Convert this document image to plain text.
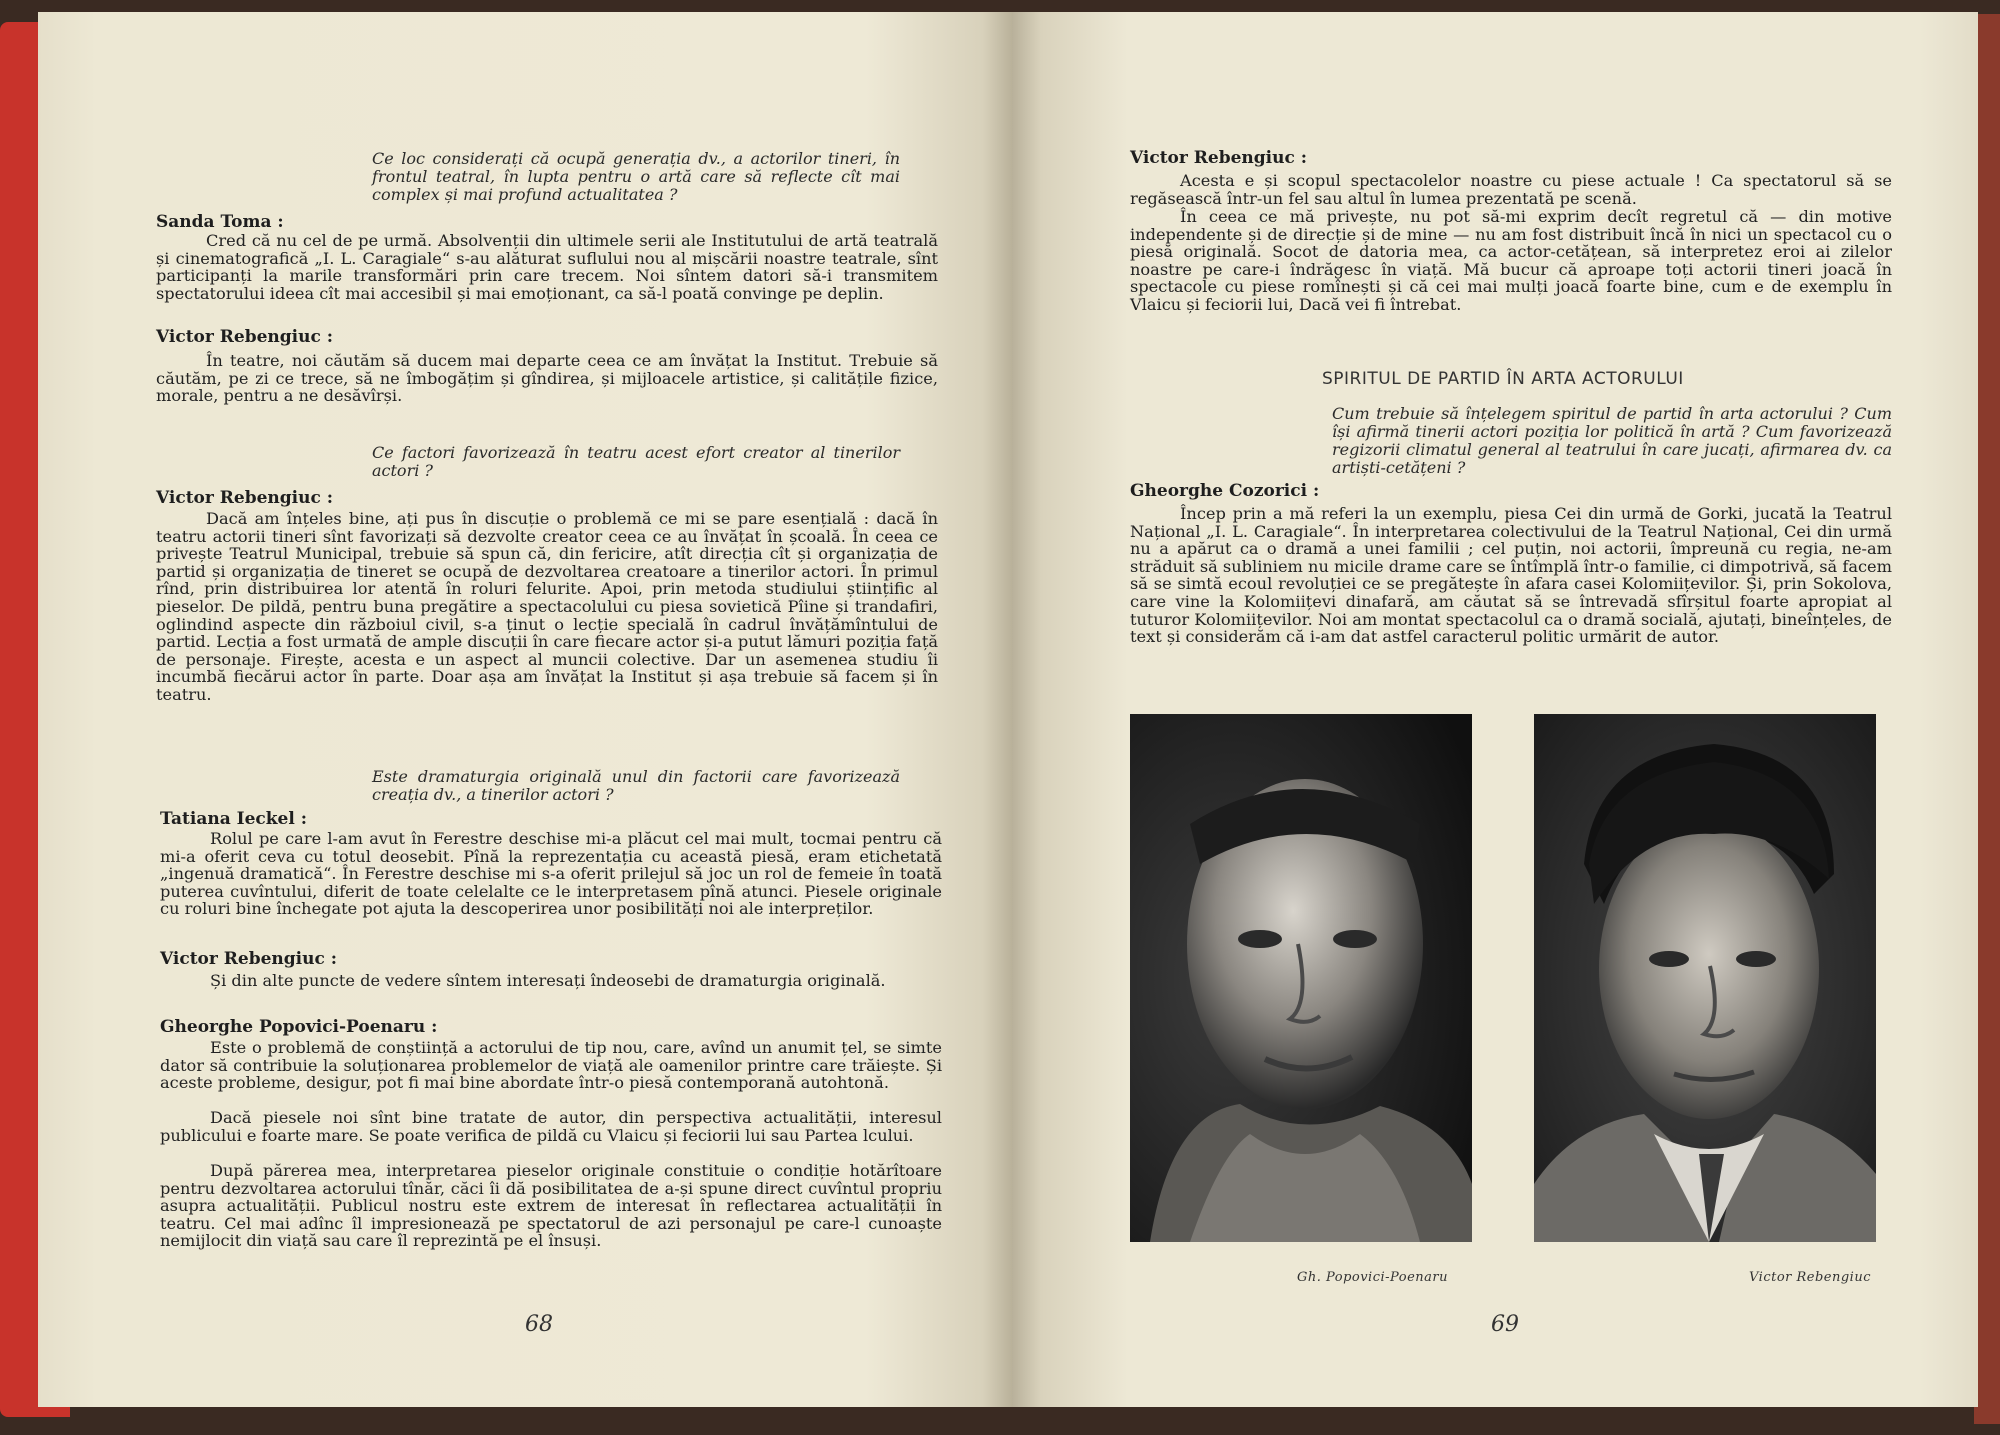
Ce loc considerați că ocupă generația dv., a actorilor tineri, în frontul teatral, în lupta pentru o artă care să reflecte cît mai complex și mai profund actualitatea ?
Sanda Toma :
Cred că nu cel de pe urmă. Absolvenții din ultimele serii ale Institutului de artă teatrală și cinematografică „I. L. Caragiale“ s-au alăturat suflului nou al mișcării noastre teatrale, sînt participanți la marile transformări prin care trecem. Noi sîntem datori să-i transmitem spectatorului ideea cît mai accesibil și mai emoționant, ca să-l poată convinge pe deplin.
Victor Rebengiuc :
În teatre, noi căutăm să ducem mai departe ceea ce am învățat la Institut. Trebuie să căutăm, pe zi ce trece, să ne îmbogățim și gîndirea, și mijloacele artistice, și calitățile fizice, morale, pentru a ne desăvîrși.
Ce factori favorizează în teatru acest efort creator al tinerilor actori ?
Victor Rebengiuc :
Dacă am înțeles bine, ați pus în discuție o problemă ce mi se pare esențială : dacă în teatru actorii tineri sînt favorizați să dezvolte creator ceea ce au învățat în școală. În ceea ce privește Teatrul Municipal, trebuie să spun că, din fericire, atît direcția cît și organizația de partid și organizația de tineret se ocupă de dezvoltarea creatoare a tinerilor actori. În primul rînd, prin distribuirea lor atentă în roluri felurite. Apoi, prin metoda studiului științific al pieselor. De pildă, pentru buna pregătire a spectacolului cu piesa sovietică Pîine și trandafiri, oglindind aspecte din războiul civil, s-a ținut o lecție specială în cadrul învățămîntului de partid. Lecția a fost urmată de ample discuții în care fiecare actor și-a putut lămuri poziția față de personaje. Firește, acesta e un aspect al muncii colective. Dar un asemenea studiu îi incumbă fiecărui actor în parte. Doar așa am învățat la Institut și așa trebuie să facem și în teatru.
Este dramaturgia originală unul din factorii care favorizează creația dv., a tinerilor actori ?
Tatiana Ieckel :
Rolul pe care l-am avut în Ferestre deschise mi-a plăcut cel mai mult, tocmai pentru că mi-a oferit ceva cu totul deosebit. Pînă la reprezentația cu această piesă, eram etichetată „ingenuă dramatică“. În Ferestre deschise mi s-a oferit prilejul să joc un rol de femeie în toată puterea cuvîntului, diferit de toate celelalte ce le interpretasem pînă atunci. Piesele originale cu roluri bine închegate pot ajuta la descoperirea unor posibilități noi ale interpreților.
Victor Rebengiuc :
Și din alte puncte de vedere sîntem interesați îndeosebi de dramaturgia originală.
Gheorghe Popovici-Poenaru :
Este o problemă de conștiință a actorului de tip nou, care, avînd un anumit țel, se simte dator să contribuie la soluționarea problemelor de viață ale oamenilor printre care trăiește. Și aceste probleme, desigur, pot fi mai bine abordate într-o piesă contemporană autohtonă.
Dacă piesele noi sînt bine tratate de autor, din perspectiva actualității, interesul publicului e foarte mare. Se poate verifica de pildă cu Vlaicu și feciorii lui sau Partea lcului.
După părerea mea, interpretarea pieselor originale constituie o condiție hotărîtoare pentru dezvoltarea actorului tînăr, căci îi dă posibilitatea de a-și spune direct cuvîntul propriu asupra actualității. Publicul nostru este extrem de interesat în reflectarea actualității în teatru. Cel mai adînc îl impresionează pe spectatorul de azi personajul pe care-l cunoaște nemijlocit din viață sau care îl reprezintă pe el însuși.
68
Victor Rebengiuc :
Acesta e și scopul spectacolelor noastre cu piese actuale ! Ca spectatorul să se regăsească într-un fel sau altul în lumea prezentată pe scenă.
În ceea ce mă privește, nu pot să-mi exprim decît regretul că — din motive independente și de direcție și de mine — nu am fost distribuit încă în nici un spectacol cu o piesă originală. Socot de datoria mea, ca actor-cetățean, să interpretez eroi ai zilelor noastre pe care-i îndrăgesc în viață. Mă bucur că aproape toți actorii tineri joacă în spectacole cu piese romînești și că cei mai mulți joacă foarte bine, cum e de exemplu în Vlaicu și feciorii lui, Dacă vei fi întrebat.
SPIRITUL DE PARTID ÎN ARTA ACTORULUI
Cum trebuie să înțelegem spiritul de partid în arta actorului ? Cum își afirmă tinerii actori poziția lor politică în artă ? Cum favorizează regizorii climatul general al teatrului în care jucați, afirmarea dv. ca artiști-cetățeni ?
Gheorghe Cozorici :
Încep prin a mă referi la un exemplu, piesa Cei din urmă de Gorki, jucată la Teatrul Național „I. L. Caragiale“. În interpretarea colectivului de la Teatrul Național, Cei din urmă nu a apărut ca o dramă a unei familii ; cel puțin, noi actorii, împreună cu regia, ne-am străduit să subliniem nu micile drame care se întîmplă într-o familie, ci dimpotrivă, să facem să se simtă ecoul revoluției ce se pregătește în afara casei Kolomiițevilor. Și, prin Sokolova, care vine la Kolomiițevi dinafară, am căutat să se întrevadă sfîrșitul foarte apropiat al tuturor Kolomiițevilor. Noi am montat spectacolul ca o dramă socială, ajutați, bineînțeles, de text și considerăm că i-am dat astfel caracterul politic urmărit de autor.
Gh. Popovici-Poenaru	Victor Rebengiuc
69
